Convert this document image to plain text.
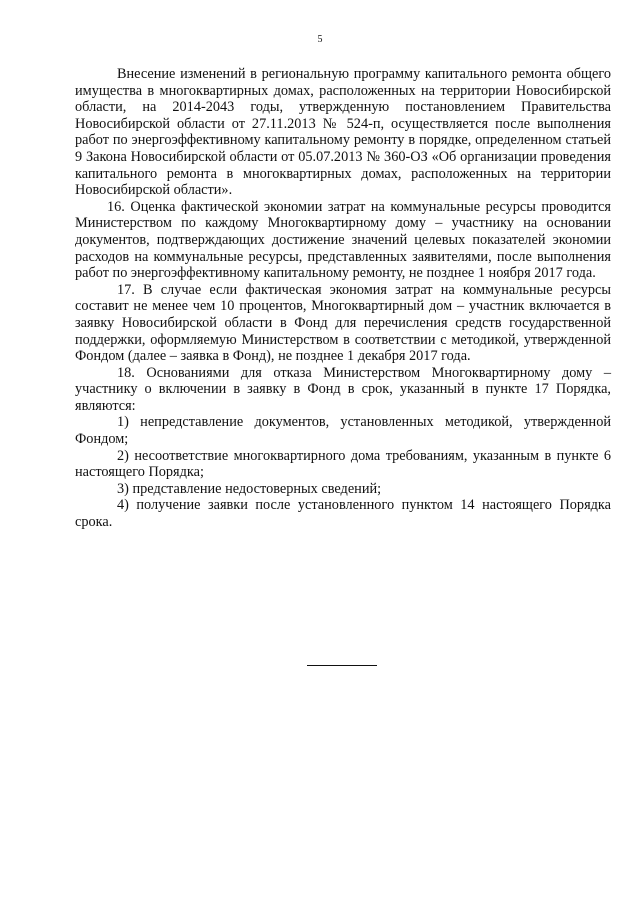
5

Внесение изменений в региональную программу капитального ремонта общего имущества в многоквартирных домах, расположенных на территории Новосибирской области, на 2014-2043 годы, утвержденную постановлением Правительства Новосибирской области от 27.11.2013 № 524-п, осуществляется после выполнения работ по энергоэффективному капитальному ремонту в порядке, определенном статьей 9 Закона Новосибирской области от 05.07.2013 № 360-ОЗ «Об организации проведения капитального ремонта в многоквартирных домах, расположенных на территории Новосибирской области».

16. Оценка фактической экономии затрат на коммунальные ресурсы проводится Министерством по каждому Многоквартирному дому – участнику на основании документов, подтверждающих достижение значений целевых показателей экономии расходов на коммунальные ресурсы, представленных заявителями, после выполнения работ по энергоэффективному капитальному ремонту, не позднее 1 ноября 2017 года.

17. В случае если фактическая экономия затрат на коммунальные ресурсы составит не менее чем 10 процентов, Многоквартирный дом – участник включается в заявку Новосибирской области в Фонд для перечисления средств государственной поддержки, оформляемую Министерством в соответствии с методикой, утвержденной Фондом (далее – заявка в Фонд), не позднее 1 декабря 2017 года.

18. Основаниями для отказа Министерством Многоквартирному дому – участнику о включении в заявку в Фонд в срок, указанный в пункте 17 Порядка, являются:

1) непредставление документов, установленных методикой, утвержденной Фондом;

2) несоответствие многоквартирного дома требованиям, указанным в пункте 6 настоящего Порядка;

3) представление недостоверных сведений;

4) получение заявки после установленного пунктом 14 настоящего Порядка срока.
